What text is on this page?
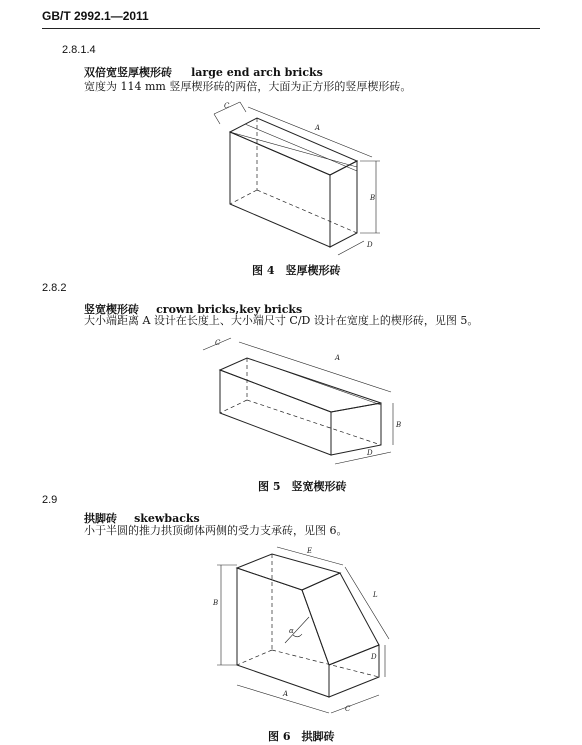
GB/T 2992.1—2011
2.8.1.4
双倍宽竖厚楔形砖 large end arch bricks
宽度为 114 mm 竖厚楔形砖的两倍，大面为正方形的竖厚楔形砖。
C
A
B
D
图 4　竖厚楔形砖
2.8.2
竖宽楔形砖 crown bricks,key bricks
大小端距离 A 设计在长度上、大小端尺寸 C/D 设计在宽度上的楔形砖，见图 5。
C
A
B
D
图 5　竖宽楔形砖
2.9
拱脚砖 skewbacks
小于半圆的推力拱顶砌体两侧的受力支承砖，见图 6。
α
B
E
L
D
A
C
图 6　拱脚砖
